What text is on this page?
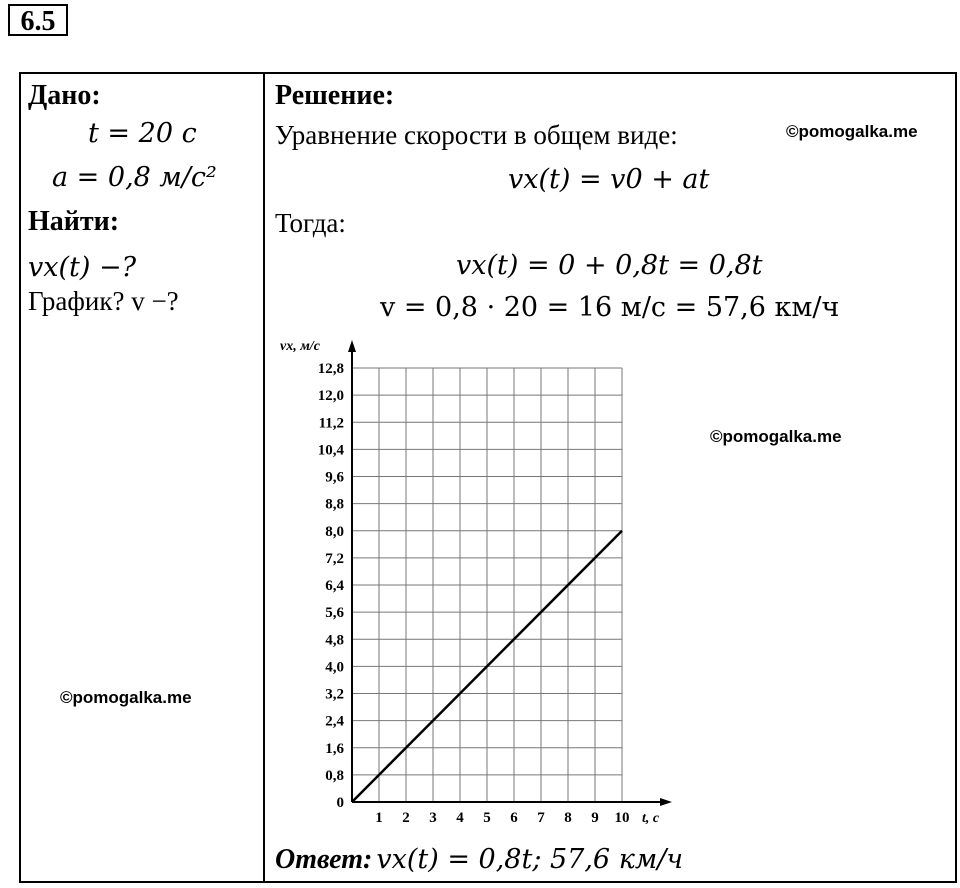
6.5
Дано:
t = 20 с
a = 0,8 м/с²
Найти:
vx(t) −?
График? v −?
©pomogalka.me
Решение:
Уравнение скорости в общем виде:	©pomogalka.me
vx(t) = v0 + at
Тогда:
vx(t) = 0 + 0,8t = 0,8t
v = 0,8 · 20 = 16 м/с = 57,6 км/ч
©pomogalka.me
1 2 3 4 5 6 7 8 9 10
0
0,8
1,6
2,4
3,2
4,0
4,8
5,6
6,4
7,2
8,0
8,8
9,6
10,4
11,2
12,0
12,8
vx, м/с
t, c
Ответ: vx(t) = 0,8t; 57,6 км/ч
